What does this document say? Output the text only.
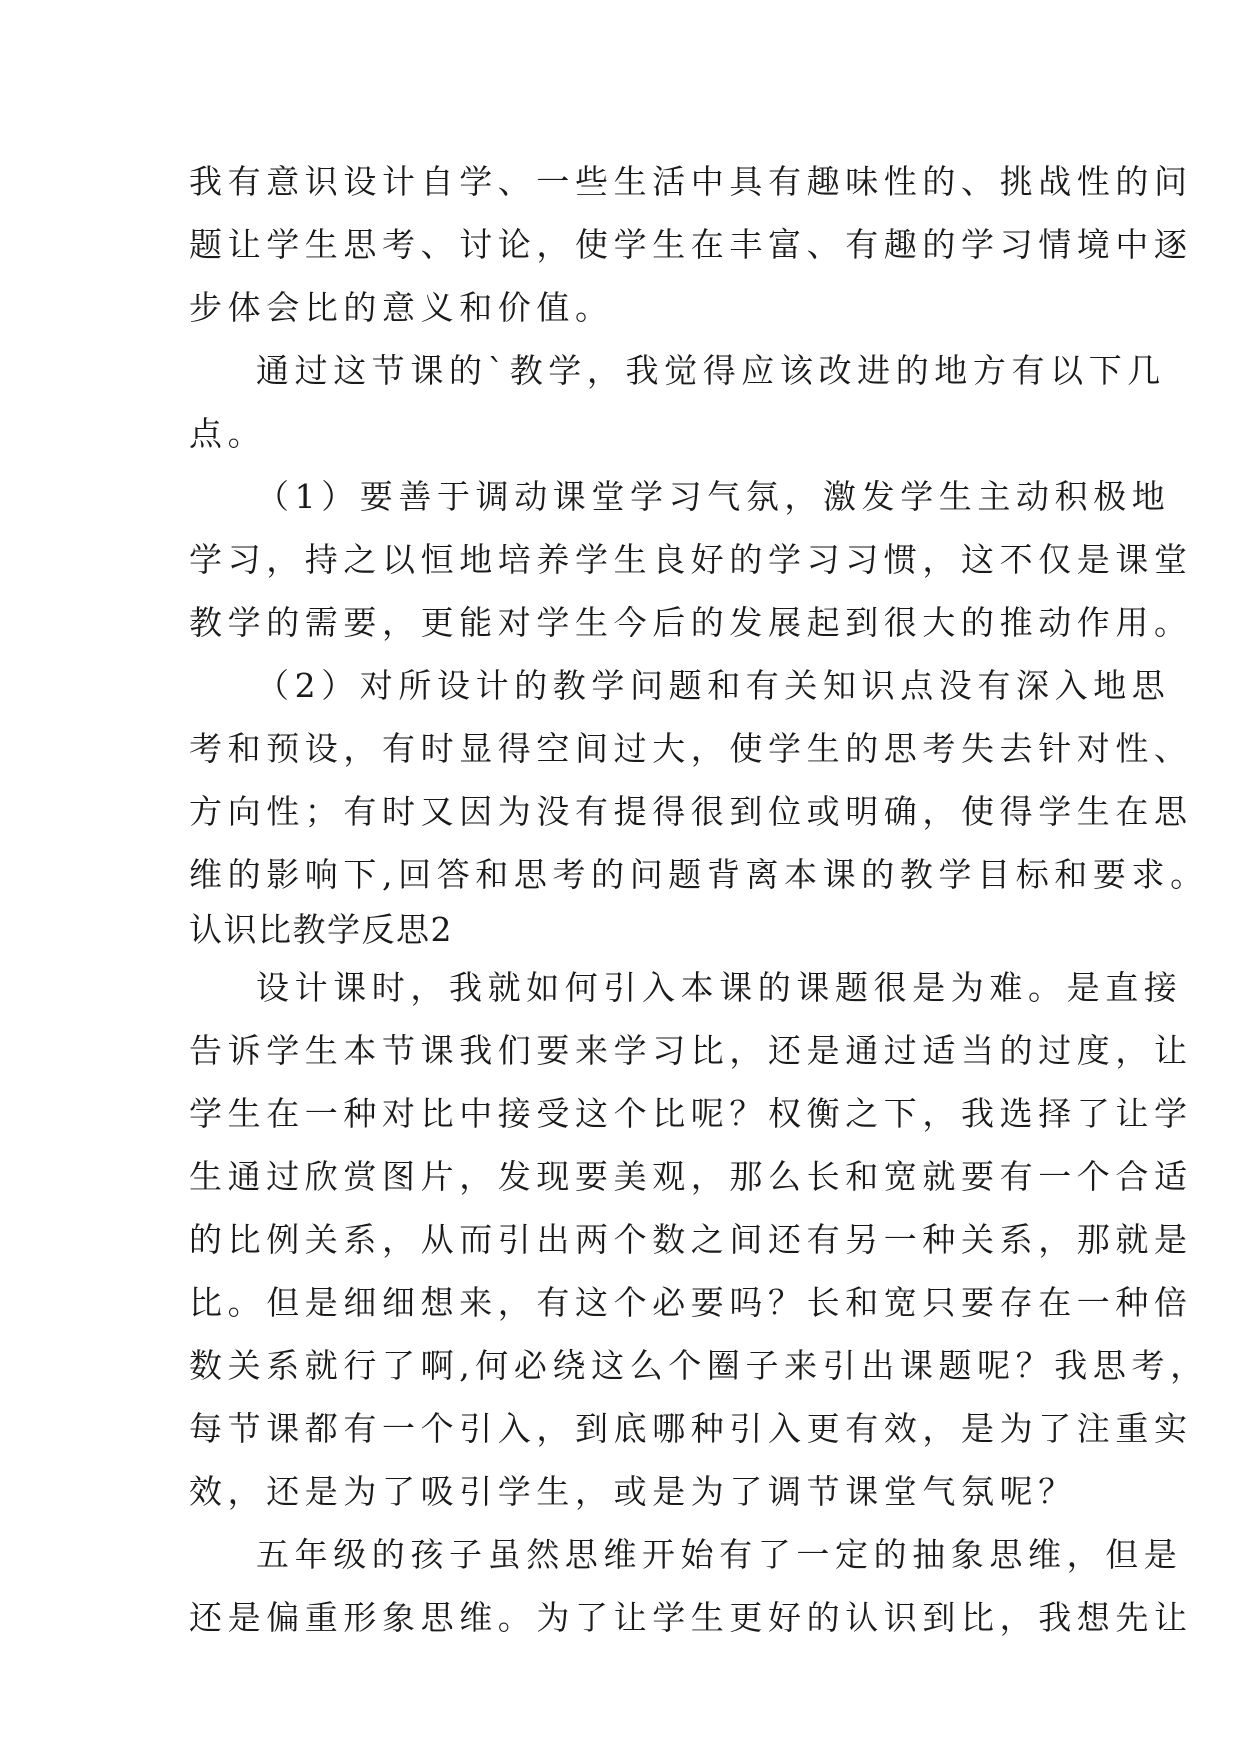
我有意识设计自学、一些生活中具有趣味性的、挑战性的问
题让学生思考、讨论，使学生在丰富、有趣的学习情境中逐
步体会比的意义和价值。
通过这节课的`教学，我觉得应该改进的地方有以下几
点。
（1）要善于调动课堂学习气氛，激发学生主动积极地
学习，持之以恒地培养学生良好的学习习惯，这不仅是课堂
教学的需要，更能对学生今后的发展起到很大的推动作用。
（2）对所设计的教学问题和有关知识点没有深入地思
考和预设，有时显得空间过大，使学生的思考失去针对性、
方向性；有时又因为没有提得很到位或明确，使得学生在思
维的影响下,回答和思考的问题背离本课的教学目标和要求。
认识比教学反思2
设计课时，我就如何引入本课的课题很是为难。是直接
告诉学生本节课我们要来学习比，还是通过适当的过度，让
学生在一种对比中接受这个比呢？权衡之下，我选择了让学
生通过欣赏图片，发现要美观，那么长和宽就要有一个合适
的比例关系，从而引出两个数之间还有另一种关系，那就是
比。但是细细想来，有这个必要吗？长和宽只要存在一种倍
数关系就行了啊,何必绕这么个圈子来引出课题呢？我思考，
每节课都有一个引入，到底哪种引入更有效，是为了注重实
效，还是为了吸引学生，或是为了调节课堂气氛呢？
五年级的孩子虽然思维开始有了一定的抽象思维，但是
还是偏重形象思维。为了让学生更好的认识到比，我想先让
